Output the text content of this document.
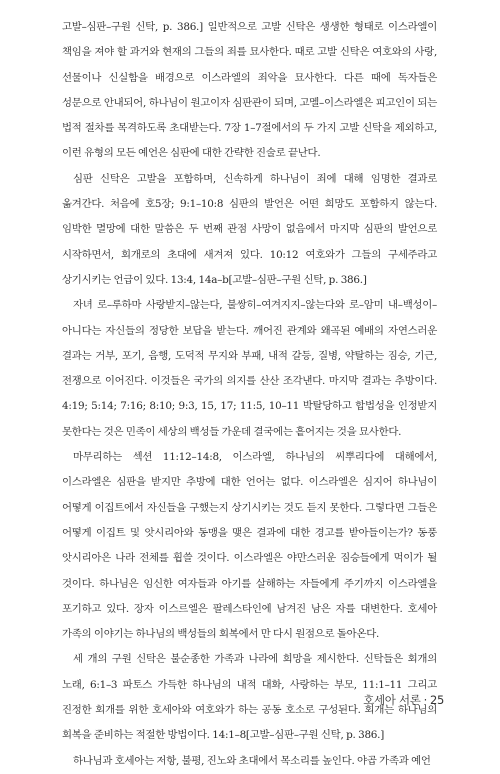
고발–심판–구원 신탁, p. 386.] 일반적으로 고발 신탁은 생생한 형태로 이스라엘이 책임을 져야 할 과거와 현재의 그들의 죄를 묘사한다. 때로 고발 신탁은 여호와의 사랑, 선물이나 신실함을 배경으로 이스라엘의 죄악을 묘사한다. 다른 때에 독자들은 성문으로 안내되어, 하나님이 원고이자 심판관이 되며, 고멜–이스라엘은 피고인이 되는 법적 절차를 목격하도록 초대받는다. 7장 1–7절에서의 두 가지 고발 신탁을 제외하고, 이런 유형의 모든 예언은 심판에 대한 간략한 진술로 끝난다.

심판 신탁은 고발을 포함하며, 신속하게 하나님이 죄에 대해 임명한 결과로 옮겨간다. 처음에 호5장; 9:1–10:8 심판의 발언은 어떤 희망도 포함하지 않는다. 임박한 멸망에 대한 말씀은 두 번째 관점 사망이 없음에서 마지막 심판의 발언으로 시작하면서, 회개로의 초대에 새겨져 있다. 10:12 여호와가 그들의 구세주라고 상기시키는 언급이 있다. 13:4, 14a–b[고발–심판–구원 신탁, p. 386.]

자녀 로–루하마 사랑받지–않는다, 불쌍히–여겨지지–않는다와 로–암미 내–백성이–아니다는 자신들의 정당한 보답을 받는다. 깨어진 관계와 왜곡된 예배의 자연스러운 결과는 거부, 포기, 음행, 도덕적 무지와 부패, 내적 갈등, 질병, 약탈하는 짐승, 기근, 전쟁으로 이어진다. 이것들은 국가의 의지를 산산 조각낸다. 마지막 결과는 추방이다. 4:19; 5:14; 7:16; 8:10; 9:3, 15, 17; 11:5, 10–11 박탈당하고 합법성을 인정받지 못한다는 것은 민족이 세상의 백성들 가운데 결국에는 흩어지는 것을 묘사한다.

마무리하는 섹션 11:12–14:8, 이스라엘, 하나님의 씨뿌리다에 대해에서, 이스라엘은 심판을 받지만 추방에 대한 언어는 없다. 이스라엘은 심지어 하나님이 어떻게 이집트에서 자신들을 구했는지 상기시키는 것도 듣지 못한다. 그렇다면 그들은 어떻게 이집트 및 앗시리아와 동맹을 맺은 결과에 대한 경고를 받아들이는가? 동풍 앗시리아은 나라 전체를 휩쓸 것이다. 이스라엘은 야만스러운 짐승들에게 먹이가 될 것이다. 하나님은 임신한 여자들과 아기를 살해하는 자들에게 주기까지 이스라엘을 포기하고 있다. 장자 이스르엘은 팔레스타인에 남겨진 남은 자를 대변한다. 호세아 가족의 이야기는 하나님의 백성들의 회복에서 만 다시 원점으로 돌아온다.

세 개의 구원 신탁은 불순종한 가족과 나라에 희망을 제시한다. 신탁들은 회개의 노래, 6:1–3 파토스 가득한 하나님의 내적 대화, 사랑하는 부모, 11:1–11 그리고 진정한 회개를 위한 호세아와 여호와가 하는 공동 호소로 구성된다. 회개는 하나님의 회복을 준비하는 적절한 방법이다. 14:1–8[고발–심판–구원 신탁, p. 386.]

하나님과 호세아는 저항, 불평, 진노와 초대에서 목소리를 높인다. 야곱 가족과 예언

호세아 서론 · 25
